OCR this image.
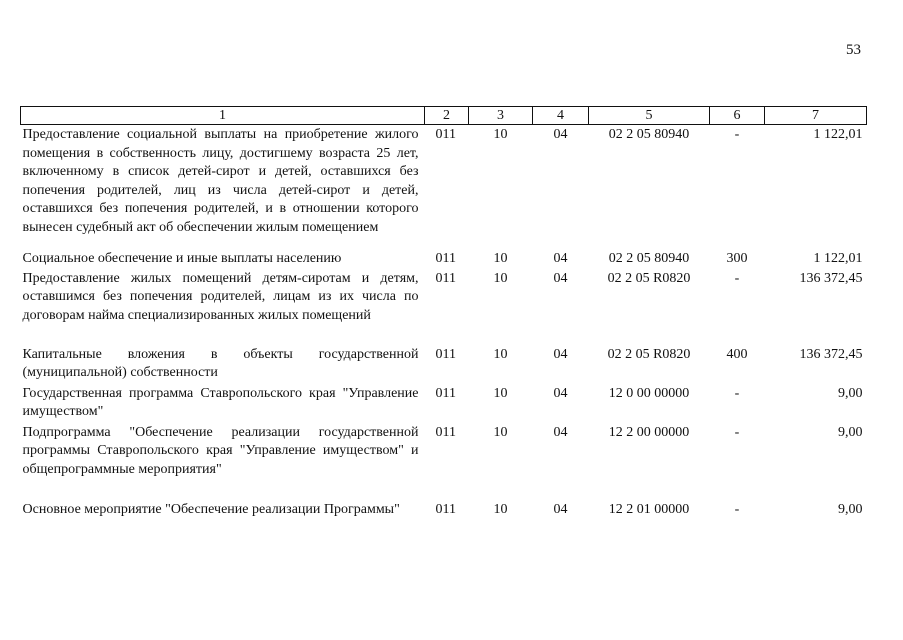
53
1	2	3	4	5	6	7
Предоставление социальной выплаты на приобретение жилого помещения в собственность лицу, достигшему возраста 25 лет, включенному в список детей-сирот и детей, оставшихся без попечения родителей, лиц из числа детей-сирот и детей, оставшихся без попечения родителей, и в отношении которого вынесен судебный акт об обеспечении жилым помещением	011	10	04	02 2 05 80940	-	1 122,01
Социальное обеспечение и иные выплаты населению	011	10	04	02 2 05 80940	300	1 122,01
Предоставление жилых помещений детям-сиротам и детям, оставшимся без попечения родителей, лицам из их числа по договорам найма специализированных жилых помещений	011	10	04	02 2 05 R0820	-	136 372,45
Капитальные вложения в объекты государственной (муниципальной) собственности	011	10	04	02 2 05 R0820	400	136 372,45
Государственная программа Ставропольского края "Управление имуществом"	011	10	04	12 0 00 00000	-	9,00
Подпрограмма "Обеспечение реализации государственной программы Ставропольского края "Управление имуществом" и общепрограммные мероприятия"	011	10	04	12 2 00 00000	-	9,00
Основное мероприятие "Обеспечение реализации Программы"	011	10	04	12 2 01 00000	-	9,00
